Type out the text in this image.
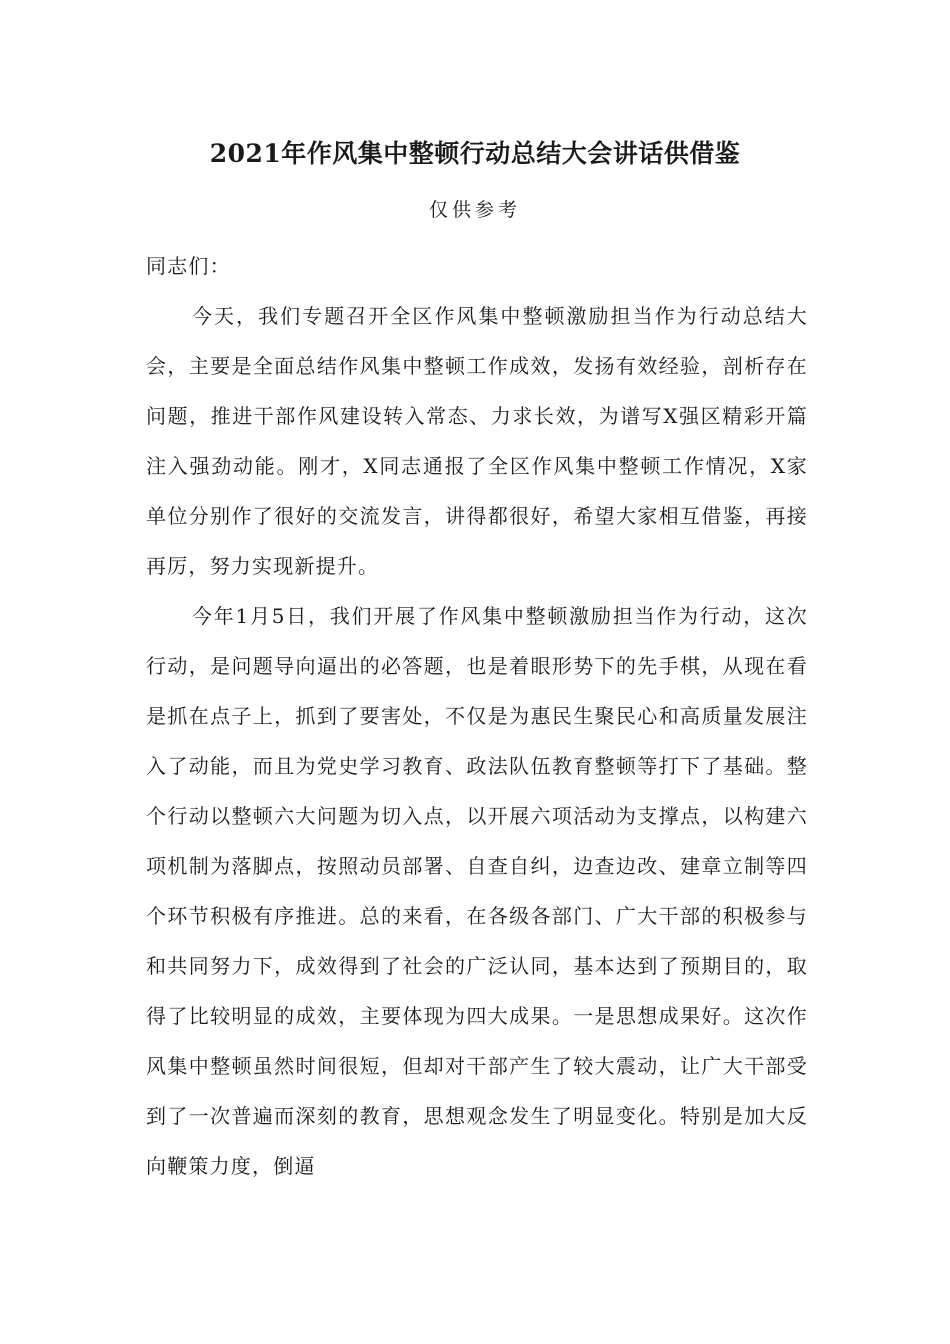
2021年作风集中整顿行动总结大会讲话供借鉴
仅供参考

同志们：

今天，我们专题召开全区作风集中整顿激励担当作为行动总结大会，主要是全面总结作风集中整顿工作成效，发扬有效经验，剖析存在问题，推进干部作风建设转入常态、力求长效，为谱写X强区精彩开篇注入强劲动能。刚才，X同志通报了全区作风集中整顿工作情况，X家单位分别作了很好的交流发言，讲得都很好，希望大家相互借鉴，再接再厉，努力实现新提升。

今年1月5日，我们开展了作风集中整顿激励担当作为行动，这次行动，是问题导向逼出的必答题，也是着眼形势下的先手棋，从现在看是抓在点子上，抓到了要害处，不仅是为惠民生聚民心和高质量发展注入了动能，而且为党史学习教育、政法队伍教育整顿等打下了基础。整个行动以整顿六大问题为切入点，以开展六项活动为支撑点，以构建六项机制为落脚点，按照动员部署、自查自纠，边查边改、建章立制等四个环节积极有序推进。总的来看，在各级各部门、广大干部的积极参与和共同努力下，成效得到了社会的广泛认同，基本达到了预期目的，取得了比较明显的成效，主要体现为四大成果。一是思想成果好。这次作风集中整顿虽然时间很短，但却对干部产生了较大震动，让广大干部受到了一次普遍而深刻的教育，思想观念发生了明显变化。特别是加大反向鞭策力度，倒逼
